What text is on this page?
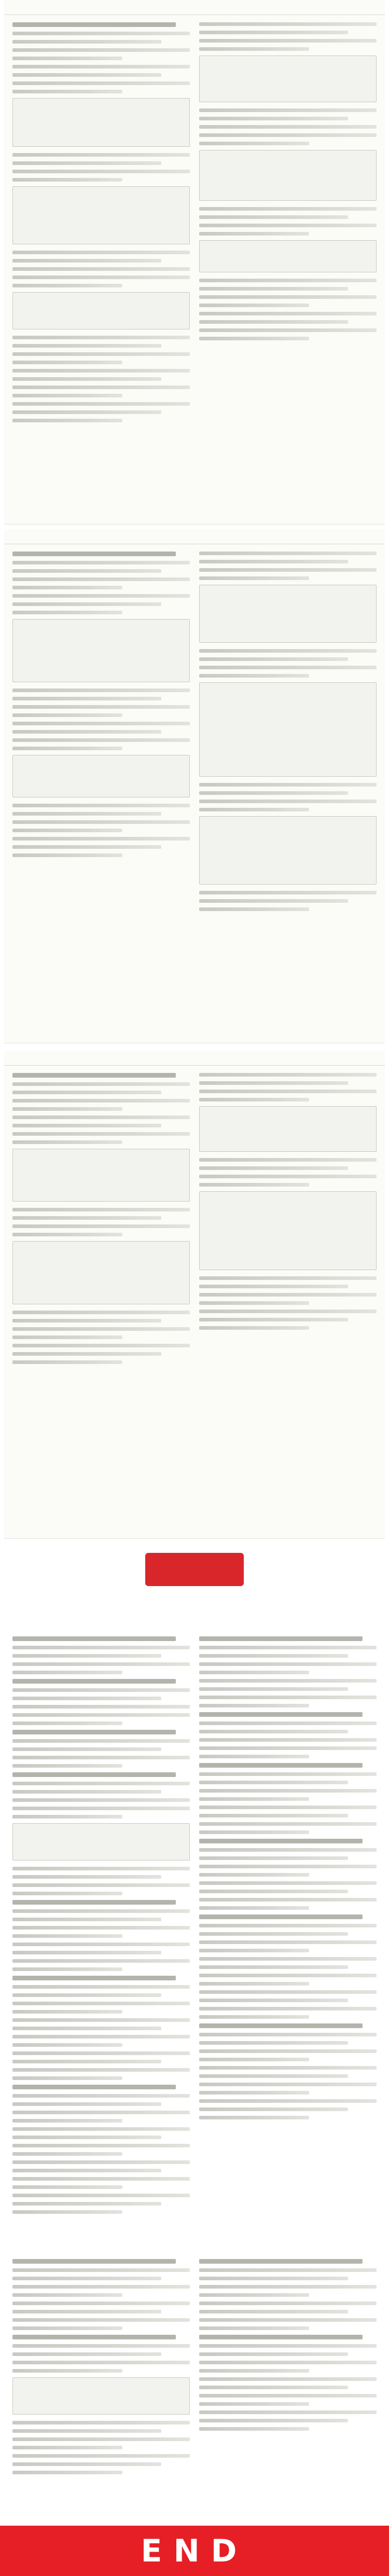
END
